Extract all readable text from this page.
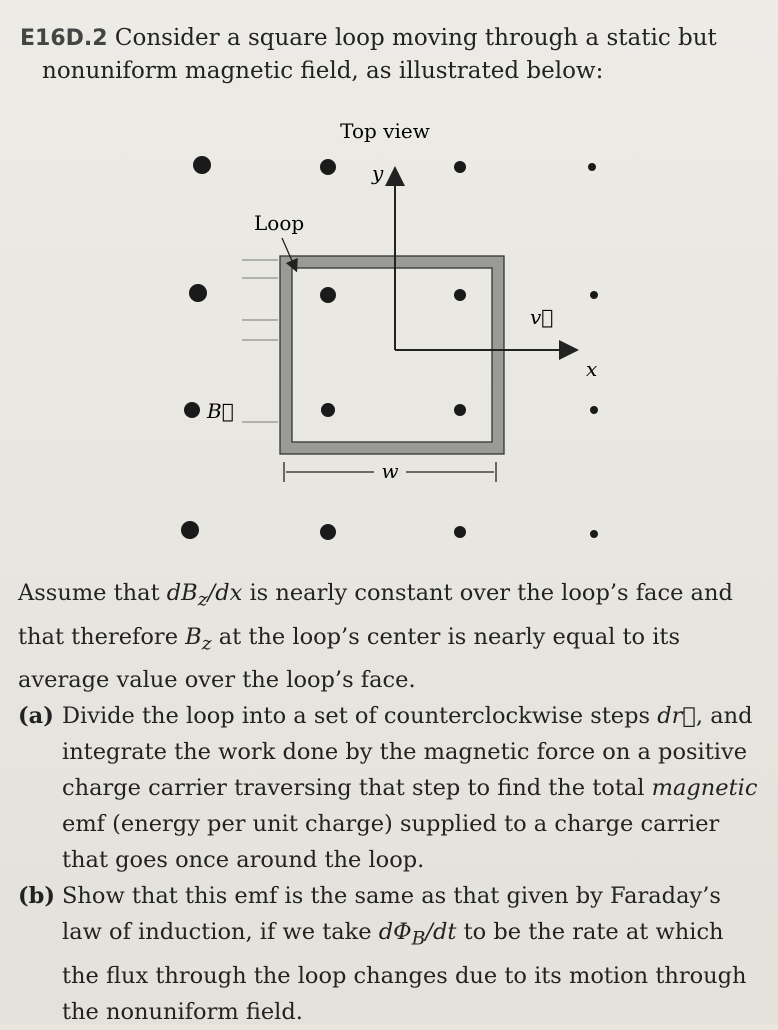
E16D.2 Consider a square loop moving through a static but
nonuniform magnetic field, as illustrated below:
Top view
B⃗
Loop
y
x
v⃗
w

Assume that $dB_z/dx$ is nearly constant over the loop’s face and that therefore $B_z$ at the loop’s center is nearly equal to its average value over the loop’s face.

(a) Divide the loop into a set of counterclockwise steps dr⃗, and integrate the work done by the magnetic force on a positive charge carrier traversing that step to find the total magnetic emf (energy per unit charge) supplied to a charge carrier that goes once around the loop.
(b) Show that this emf is the same as that given by Faraday’s law of induction, if we take $d\Phi_B/dt$ to be the rate at which the flux through the loop changes due to its motion through the nonuniform field.
